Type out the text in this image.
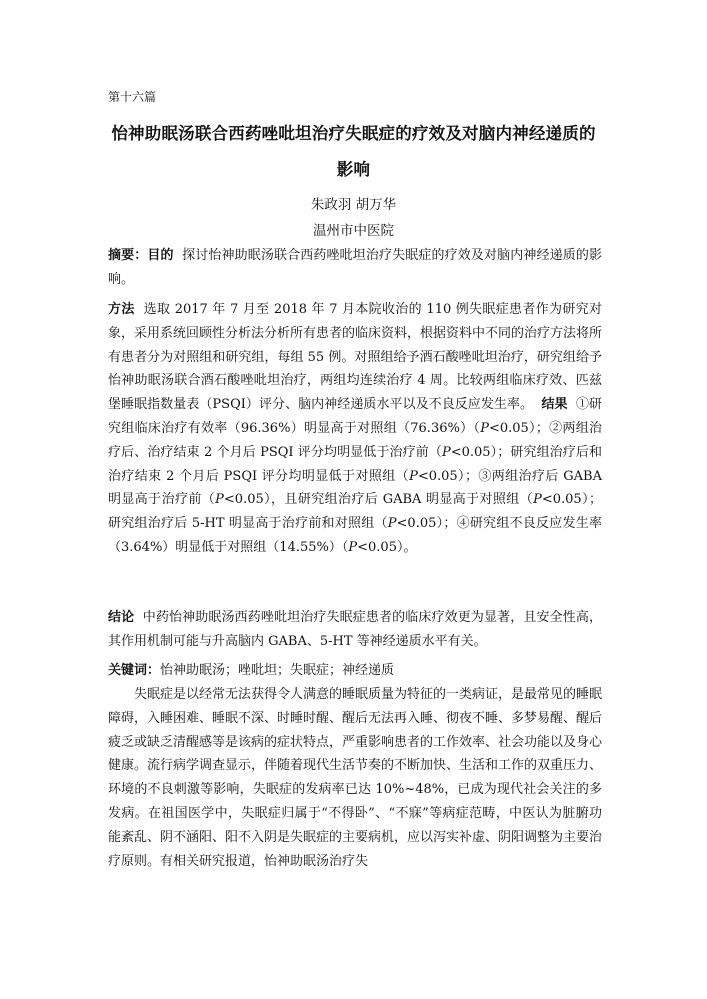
第十六篇
怡神助眠汤联合西药唑吡坦治疗失眠症的疗效及对脑内神经递质的
影响
朱政羽 胡万华
温州市中医院
摘要：目的 探讨怡神助眠汤联合西药唑吡坦治疗失眠症的疗效及对脑内神经递质的影响。
方法 选取 2017 年 7 月至 2018 年 7 月本院收治的 110 例失眠症患者作为研究对象，采用系统回顾性分析法分析所有患者的临床资料，根据资料中不同的治疗方法将所有患者分为对照组和研究组，每组 55 例。对照组给予酒石酸唑吡坦治疗，研究组给予怡神助眠汤联合酒石酸唑吡坦治疗，两组均连续治疗 4 周。比较两组临床疗效、匹兹堡睡眠指数量表（PSQI）评分、脑内神经递质水平以及不良反应发生率。 结果 ①研究组临床治疗有效率（96.36%）明显高于对照组（76.36%）（P<0.05）；②两组治疗后、治疗结束 2 个月后 PSQI 评分均明显低于治疗前（P<0.05）；研究组治疗后和治疗结束 2 个月后 PSQI 评分均明显低于对照组（P<0.05）；③两组治疗后 GABA 明显高于治疗前（P<0.05），且研究组治疗后 GABA 明显高于对照组（P<0.05）；研究组治疗后 5-HT 明显高于治疗前和对照组（P<0.05）；④研究组不良反应发生率（3.64%）明显低于对照组（14.55%）（P<0.05）。
结论 中药怡神助眠汤西药唑吡坦治疗失眠症患者的临床疗效更为显著，且安全性高，其作用机制可能与升高脑内 GABA、5-HT 等神经递质水平有关。
关键词：怡神助眠汤；唑吡坦；失眠症；神经递质

失眠症是以经常无法获得令人满意的睡眠质量为特征的一类病证，是最常见的睡眠障碍，入睡困难、睡眠不深、时睡时醒、醒后无法再入睡、彻夜不睡、多梦易醒、醒后疲乏或缺乏清醒感等是该病的症状特点，严重影响患者的工作效率、社会功能以及身心健康。流行病学调查显示，伴随着现代生活节奏的不断加快、生活和工作的双重压力、环境的不良刺激等影响，失眠症的发病率已达 10%~48%，已成为现代社会关注的多发病。在祖国医学中，失眠症归属于“不得卧”、“不寐”等病症范畴，中医认为脏腑功能紊乱、阴不涵阳、阳不入阴是失眠症的主要病机，应以泻实补虚、阴阳调整为主要治疗原则。有相关研究报道，怡神助眠汤治疗失
